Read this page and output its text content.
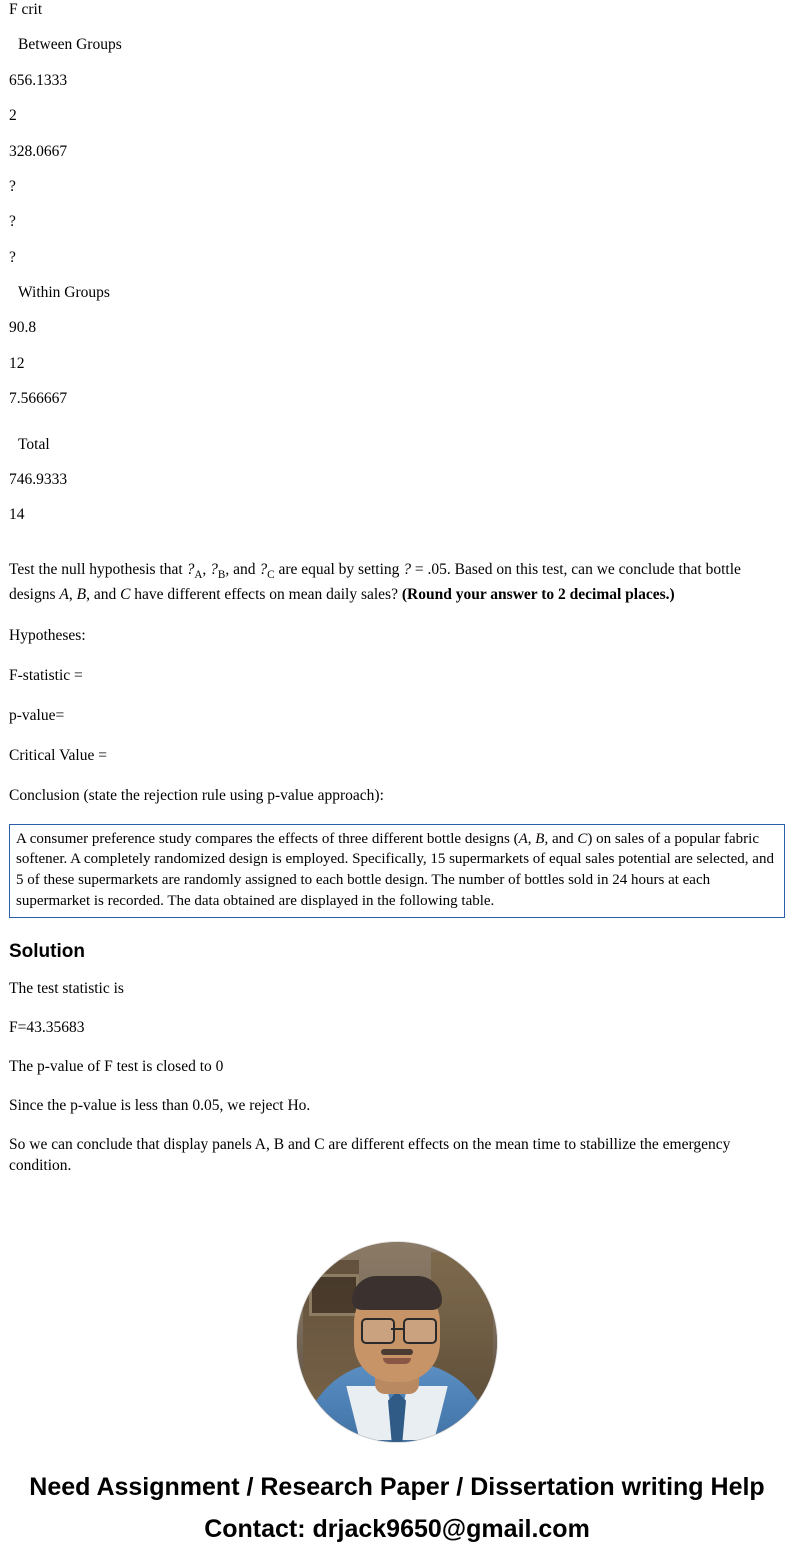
F crit
Between Groups
656.1333
2
328.0667
?
?
?
Within Groups
90.8
12
7.566667
Total
746.9333
14

Test the null hypothesis that $?_A$, $?_B$, and $?_C$ are equal by setting ? = .05. Based on this test, can we conclude that bottle designs A, B, and C have different effects on mean daily sales? (Round your answer to 2 decimal places.)

Hypotheses:

F-statistic =

p-value=

Critical Value =

Conclusion (state the rejection rule using p-value approach):

A consumer preference study compares the effects of three different bottle designs (A, B, and C) on sales of a popular fabric softener. A completely randomized design is employed. Specifically, 15 supermarkets of equal sales potential are selected, and 5 of these supermarkets are randomly assigned to each bottle design. The number of bottles sold in 24 hours at each supermarket is recorded. The data obtained are displayed in the following table.
Solution

The test statistic is

F=43.35683

The p-value of F test is closed to 0

Since the p-value is less than 0.05, we reject Ho.

So we can conclude that display panels A, B and C are different effects on the mean time to stabillize the emergency condition.

Need Assignment / Research Paper / Dissertation writing Help

Contact: drjack9650@gmail.com
